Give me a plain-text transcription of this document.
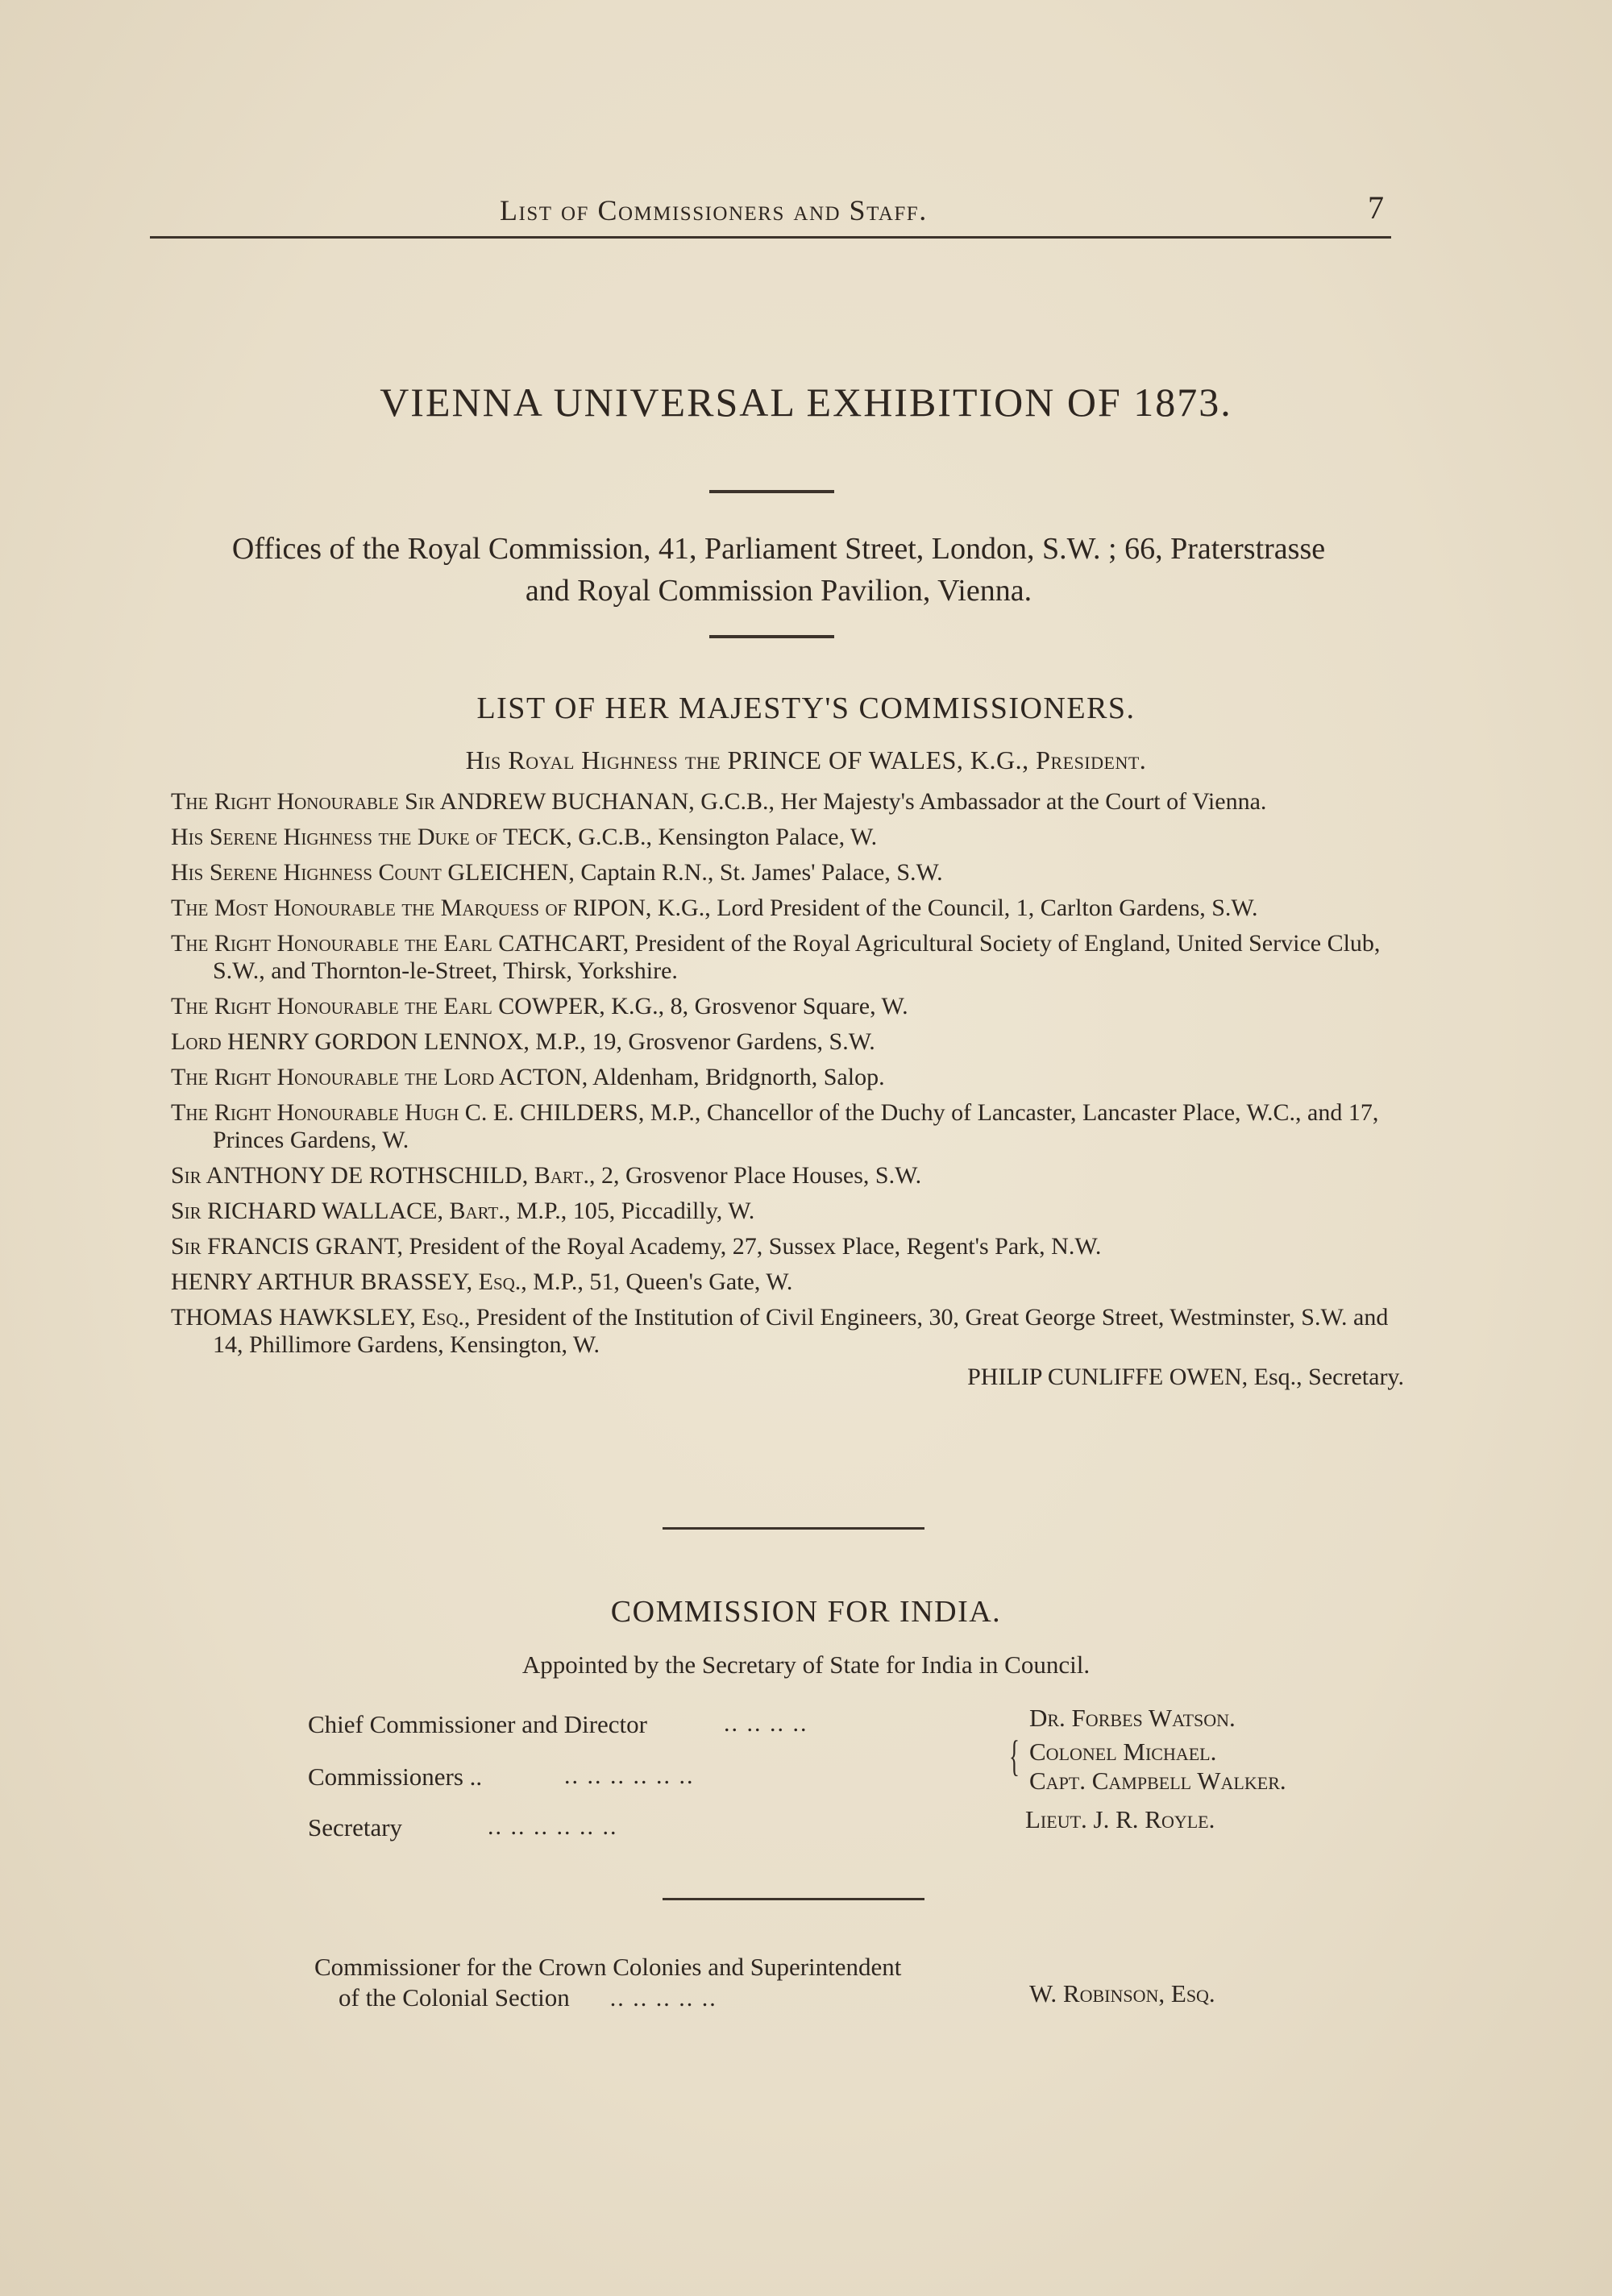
List of Commissioners and Staff.	7
VIENNA UNIVERSAL EXHIBITION OF 1873.
Offices of the Royal Commission, 41, Parliament Street, London, S.W. ; 66, Praterstrasse
and Royal Commission Pavilion, Vienna.
LIST OF HER MAJESTY'S COMMISSIONERS.
His Royal Highness the PRINCE OF WALES, K.G., President.
The Right Honourable Sir ANDREW BUCHANAN, G.C.B., Her Majesty's Ambassador at the Court of Vienna.
His Serene Highness the Duke of TECK, G.C.B., Kensington Palace, W.
His Serene Highness Count GLEICHEN, Captain R.N., St. James' Palace, S.W.
The Most Honourable the Marquess of RIPON, K.G., Lord President of the Council, 1, Carlton Gardens, S.W.
The Right Honourable the Earl CATHCART, President of the Royal Agricultural Society of England, United Service Club, S.W., and Thornton-le-Street, Thirsk, Yorkshire.
The Right Honourable the Earl COWPER, K.G., 8, Grosvenor Square, W.
Lord HENRY GORDON LENNOX, M.P., 19, Grosvenor Gardens, S.W.
The Right Honourable the Lord ACTON, Aldenham, Bridgnorth, Salop.
The Right Honourable Hugh C. E. CHILDERS, M.P., Chancellor of the Duchy of Lancaster, Lancaster Place, W.C., and 17, Princes Gardens, W.
Sir ANTHONY DE ROTHSCHILD, Bart., 2, Grosvenor Place Houses, S.W.
Sir RICHARD WALLACE, Bart., M.P., 105, Piccadilly, W.
Sir FRANCIS GRANT, President of the Royal Academy, 27, Sussex Place, Regent's Park, N.W.
HENRY ARTHUR BRASSEY, Esq., M.P., 51, Queen's Gate, W.
THOMAS HAWKSLEY, Esq., President of the Institution of Civil Engineers, 30, Great George Street, Westminster, S.W. and 14, Phillimore Gardens, Kensington, W.
PHILIP CUNLIFFE OWEN, Esq., Secretary.
COMMISSION FOR INDIA.
Appointed by the Secretary of State for India in Council.
Chief Commissioner and Director	.. .. .. ..	Dr. Forbes Watson.
Commissioners ..	.. .. .. .. .. ..	{ Colonel Michael.
Capt. Campbell Walker.
Secretary	.. .. .. .. .. ..	Lieut. J. R. Royle.
Commissioner for the Crown Colonies and Superintendent
of the Colonial Section .. .. .. .. ..	W. Robinson, Esq.
